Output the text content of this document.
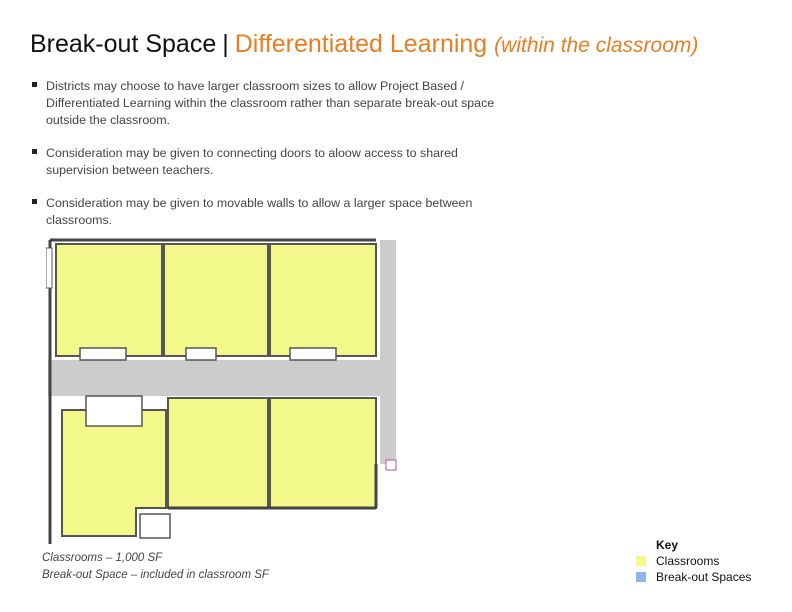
Break-out Space | Differentiated Learning (within the classroom)
Districts may choose to have larger classroom sizes to allow Project Based / Differentiated Learning within the classroom rather than separate break-out space outside the classroom.
Consideration may be given to connecting doors to aloow access to shared supervision between teachers.
Consideration may be given to movable walls to allow a larger space between classrooms.
Classrooms – 1,000 SF
Break-out Space – included in classroom SF
Key
Classrooms
Break-out Spaces
